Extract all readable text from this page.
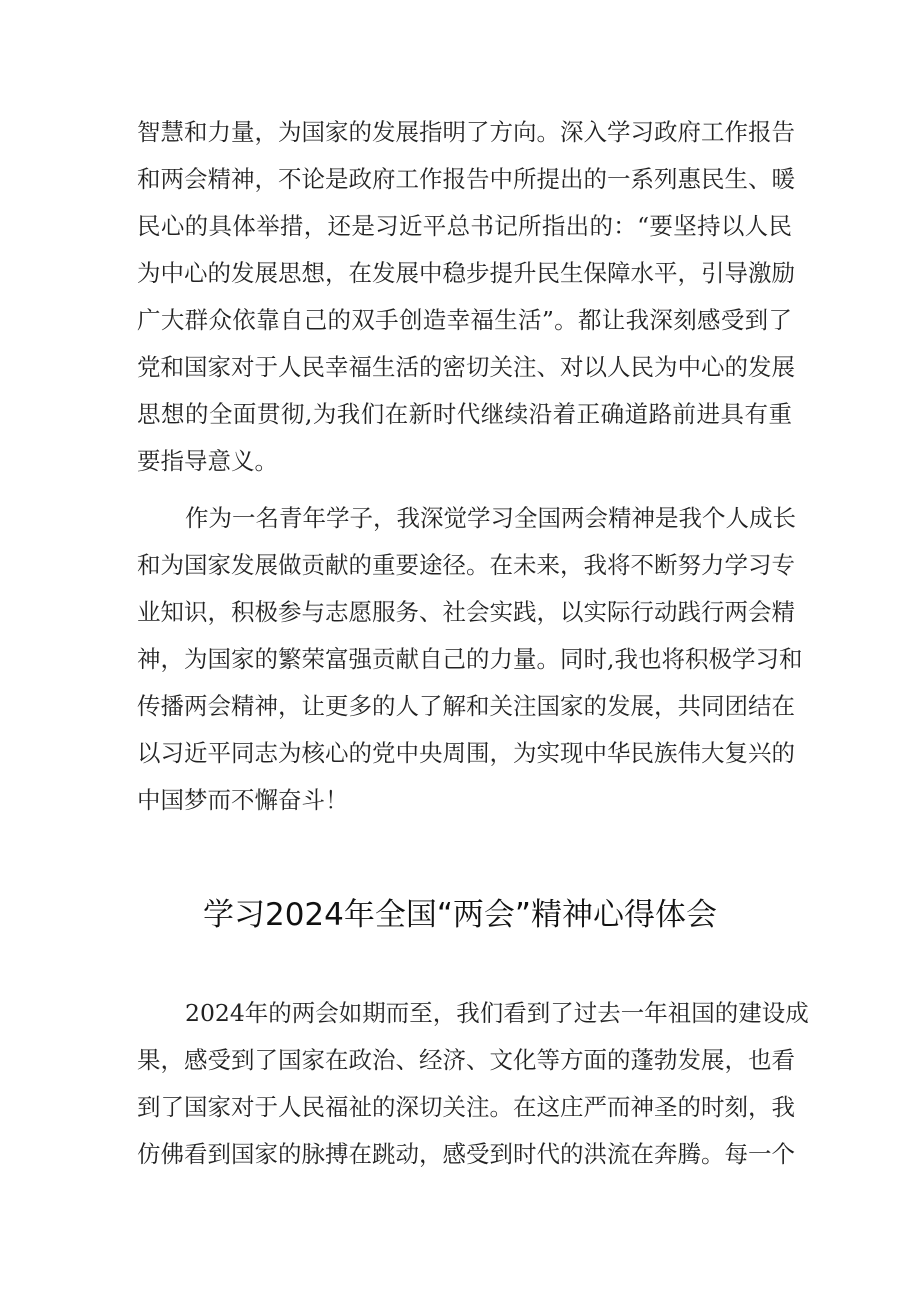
智慧和力量，为国家的发展指明了方向。深入学习政府工作报告
和两会精神，不论是政府工作报告中所提出的一系列惠民生、暖
民心的具体举措，还是习近平总书记所指出的：“要坚持以人民
为中心的发展思想，在发展中稳步提升民生保障水平，引导激励
广大群众依靠自己的双手创造幸福生活”。都让我深刻感受到了
党和国家对于人民幸福生活的密切关注、对以人民为中心的发展
思想的全面贯彻,为我们在新时代继续沿着正确道路前进具有重
要指导意义。
作为一名青年学子，我深觉学习全国两会精神是我个人成长
和为国家发展做贡献的重要途径。在未来，我将不断努力学习专
业知识，积极参与志愿服务、社会实践，以实际行动践行两会精
神，为国家的繁荣富强贡献自己的力量。同时,我也将积极学习和
传播两会精神，让更多的人了解和关注国家的发展，共同团结在
以习近平同志为核心的党中央周围，为实现中华民族伟大复兴的
中国梦而不懈奋斗！
学习2024年全国“两会”精神心得体会
2024年的两会如期而至，我们看到了过去一年祖国的建设成
果，感受到了国家在政治、经济、文化等方面的蓬勃发展，也看
到了国家对于人民福祉的深切关注。在这庄严而神圣的时刻，我
仿佛看到国家的脉搏在跳动，感受到时代的洪流在奔腾。每一个
